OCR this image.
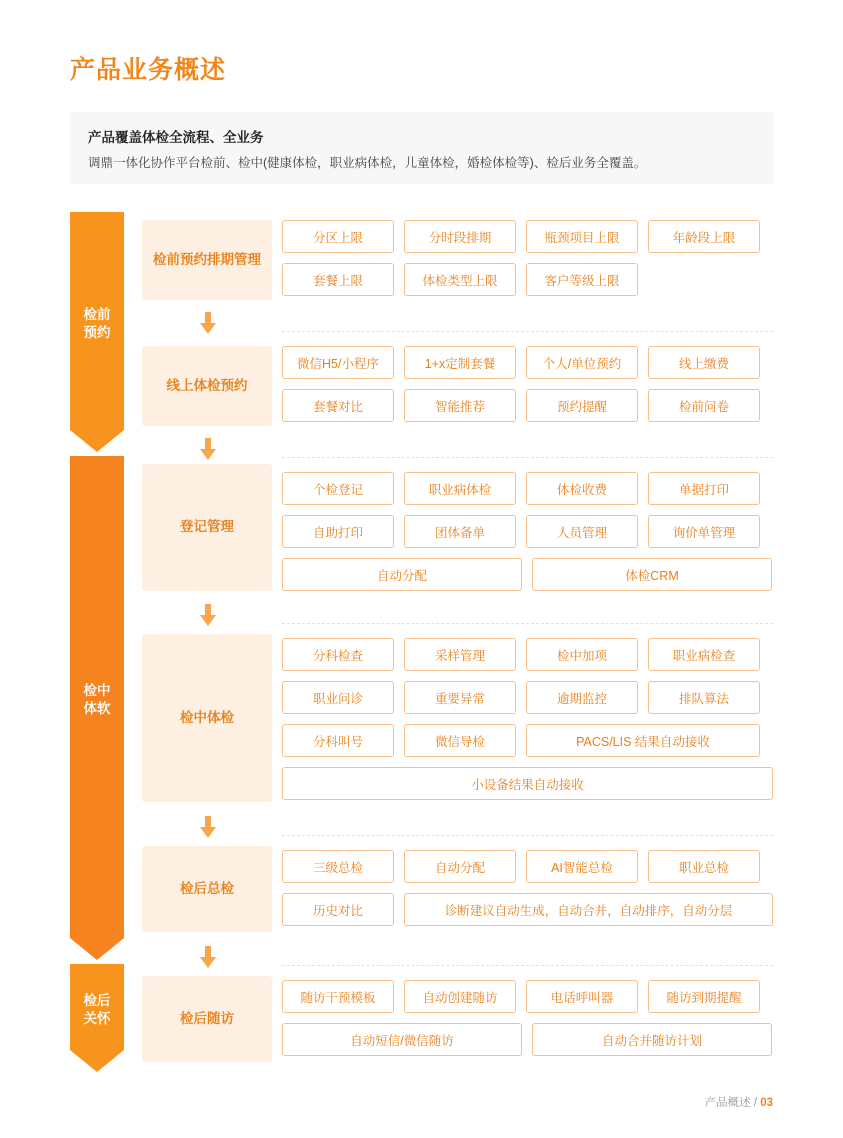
产品业务概述
产品覆盖体检全流程、全业务
调鼎一体化协作平台检前、检中(健康体检，职业病体检，儿童体检，婚检体检等)、检后业务全覆盖。
检前
预约
检中
体软
检后
关怀
检前预约排期管理
线上体检预约
登记管理
检中体检
检后总检
检后随访
分区上限	分时段排期	瓶颈项目上限	年龄段上限
套餐上限	体检类型上限	客户等级上限
微信H5/小程序	1+x定制套餐	个人/单位预约	线上缴费
套餐对比	智能推荐	预约提醒	检前问卷
个检登记	职业病体检	体检收费	单据打印
自助打印	团体备单	人员管理	询价单管理
自动分配	体检CRM
分科检查	采样管理	检中加项	职业病检查
职业问诊	重要异常	逾期监控	排队算法
分科叫号	微信导检	PACS/LIS 结果自动接收
小设备结果自动接收
三级总检	自动分配	AI智能总检	职业总检
历史对比	诊断建议自动生成，自动合并，自动排序，自动分层
随访干预模板	自动创建随访	电话呼叫器	随访到期提醒
自动短信/微信随访	自动合并随访计划
产品概述 / 03
